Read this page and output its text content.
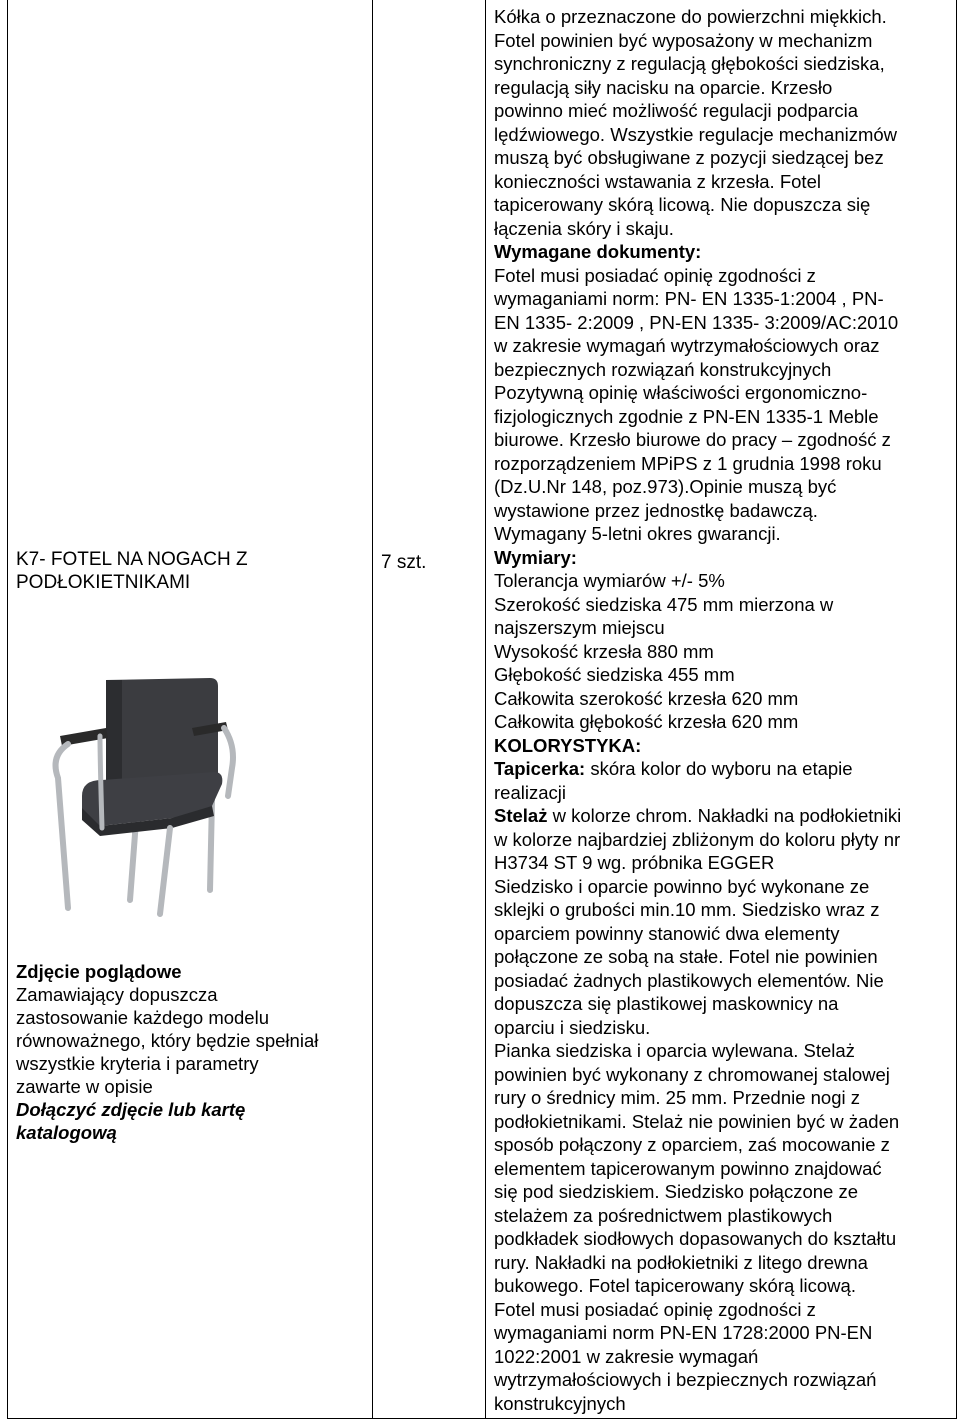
K7- FOTEL NA NOGACH Z
PODŁOKIETNIKAMI
Zdjęcie poglądowe
Zamawiający dopuszcza
zastosowanie każdego modelu
równoważnego, który będzie spełniał
wszystkie kryteria i parametry
zawarte w opisie
Dołączyć zdjęcie lub kartę
katalogową
7 szt.
Kółka o przeznaczone do powierzchni miękkich.
Fotel powinien być wyposażony w mechanizm
synchroniczny z regulacją głębokości siedziska,
regulacją siły nacisku na oparcie. Krzesło
powinno mieć możliwość regulacji podparcia
lędźwiowego. Wszystkie regulacje mechanizmów
muszą być obsługiwane z pozycji siedzącej bez
konieczności wstawania z krzesła. Fotel
tapicerowany skórą licową. Nie dopuszcza się
łączenia skóry i skaju.
Wymagane dokumenty:
Fotel musi posiadać opinię zgodności z
wymaganiami norm: PN- EN 1335-1:2004 , PN-
EN 1335- 2:2009 , PN-EN 1335- 3:2009/AC:2010
w zakresie wymagań wytrzymałościowych oraz
bezpiecznych rozwiązań konstrukcyjnych
Pozytywną opinię właściwości ergonomiczno-
fizjologicznych zgodnie z PN-EN 1335-1 Meble
biurowe. Krzesło biurowe do pracy – zgodność z
rozporządzeniem MPiPS z 1 grudnia 1998 roku
(Dz.U.Nr 148, poz.973).Opinie muszą być
wystawione przez jednostkę badawczą.
Wymagany 5-letni okres gwarancji.
Wymiary:
Tolerancja wymiarów +/- 5%
Szerokość siedziska 475 mm mierzona w
najszerszym miejscu
Wysokość krzesła 880 mm
Głębokość siedziska 455 mm
Całkowita szerokość krzesła 620 mm
Całkowita głębokość krzesła 620 mm
KOLORYSTYKA:
Tapicerka: skóra kolor do wyboru na etapie
realizacji
Stelaż w kolorze chrom. Nakładki na podłokietniki
w kolorze najbardziej zbliżonym do koloru płyty nr
H3734 ST 9 wg. próbnika EGGER
Siedzisko i oparcie powinno być wykonane ze
sklejki o grubości min.10 mm. Siedzisko wraz z
oparciem powinny stanowić dwa elementy
połączone ze sobą na stałe. Fotel nie powinien
posiadać żadnych plastikowych elementów. Nie
dopuszcza się plastikowej maskownicy na
oparciu i siedzisku.
Pianka siedziska i oparcia wylewana. Stelaż
powinien być wykonany z chromowanej stalowej
rury o średnicy mim. 25 mm. Przednie nogi z
podłokietnikami. Stelaż nie powinien być w żaden
sposób połączony z oparciem, zaś mocowanie z
elementem tapicerowanym powinno znajdować
się pod siedziskiem. Siedzisko połączone ze
stelażem za pośrednictwem plastikowych
podkładek siodłowych dopasowanych do kształtu
rury. Nakładki na podłokietniki z litego drewna
bukowego. Fotel tapicerowany skórą licową.
Fotel musi posiadać opinię zgodności z
wymaganiami norm PN-EN 1728:2000 PN-EN
1022:2001 w zakresie wymagań
wytrzymałościowych i bezpiecznych rozwiązań
konstrukcyjnych
